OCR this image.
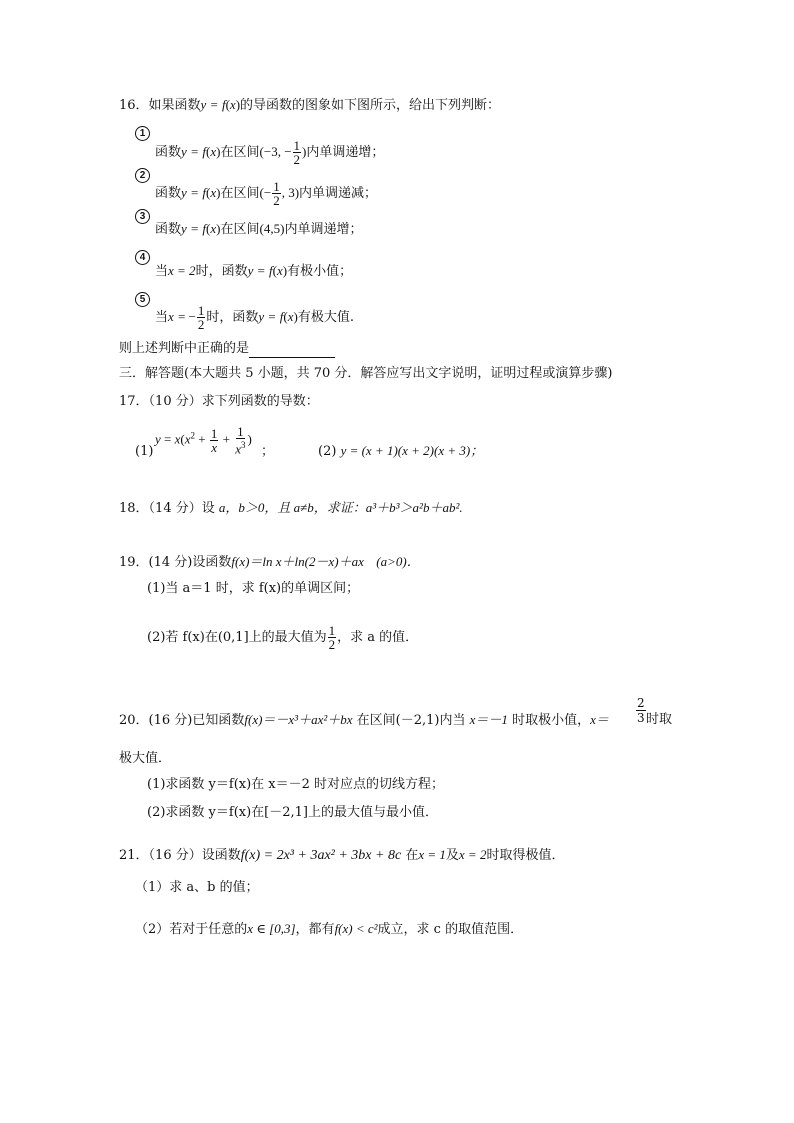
16．如果函数y = f(x)的导函数的图象如下图所示，给出下列判断：
1
函数y = f(x)在区间(−3, − $\frac{1}{2}$ )内单调递增；
2
函数y = f(x)在区间(− $\frac{1}{2}$ , 3)内单调递减；
3
函数y = f(x)在区间(4,5)内单调递增；
4
当x = 2时，函数y = f(x)有极小值；
5
当x = − $\frac{1}{2}$ 时，函数y = f(x)有极大值.
则上述判断中正确的是
三．解答题(本大题共 5 小题，共 70 分．解答应写出文字说明，证明过程或演算步骤)
17．（10 分）求下列函数的导数：
$y = x(x^2 + \frac{1}{x} + \frac{1}{x^3}$ )
(1)	；	(2) y = (x + 1)(x + 2)(x + 3)；
18．（14 分）设 a，b＞0，且 a≠b，求证：a³＋b³＞a²b＋ab².
19．(14 分)设函数f(x)＝ln x＋ln(2－x)＋ax (a>0)．
(1)当 a＝1 时，求 f(x)的单调区间；
(2)若 f(x)在(0,1]上的最大值为 $\frac{1}{2}$ ，求 a 的值．
20．(16 分)已知函数f(x)＝－x³＋ax²＋bx 在区间(－2,1)内当 x＝－1 时取极小值，x＝
2
3 时取
极大值．
(1)求函数 y＝f(x)在 x＝－2 时对应点的切线方程；
(2)求函数 y＝f(x)在[－2,1]上的最大值与最小值．
21．（16 分）设函数f(x) = 2x³ + 3ax² + 3bx + 8c 在x = 1及x = 2时取得极值．
（1）求 a、b 的值；
（2）若对于任意的x ∈ [0,3]，都有f(x) < c²成立，求 c 的取值范围．
